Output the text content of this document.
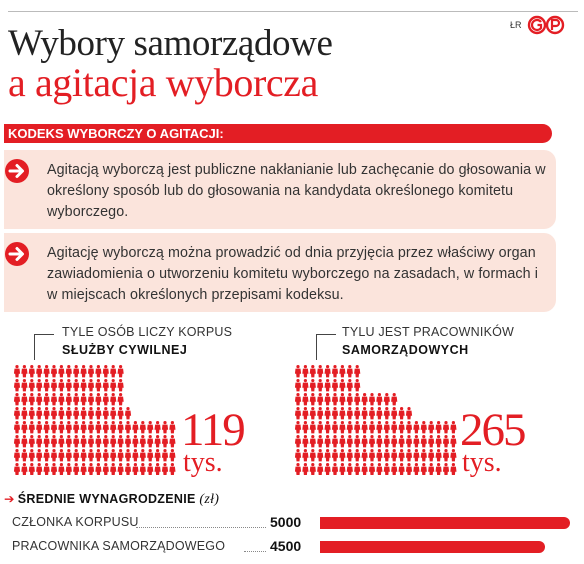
ŁR
Wybory samorządowe
a agitacja wyborcza
KODEKS WYBORCZY O AGITACJI:

Agitacją wyborczą jest publiczne nakłanianie lub zachęcanie do głosowania w określony sposób lub do głosowania na kandydata określonego komitetu wyborczego.

Agitację wyborczą można prowadzić od dnia przyjęcia przez właściwy organ zawiadomienia o utworzeniu komitetu wyborczego na zasadach, w formach i w miejscach określonych przepisami kodeksu.

TYLE OSÓB LICZY KORPUS
SŁUŻBY CYWILNEJ
119
tys.
TYLU JEST PRACOWNIKÓW
SAMORZĄDOWYCH
265
tys.
➔ ŚREDNIE WYNAGRODZENIE (zł)
CZŁONKA KORPUSU	5000
PRACOWNIKA SAMORZĄDOWEGO	4500
